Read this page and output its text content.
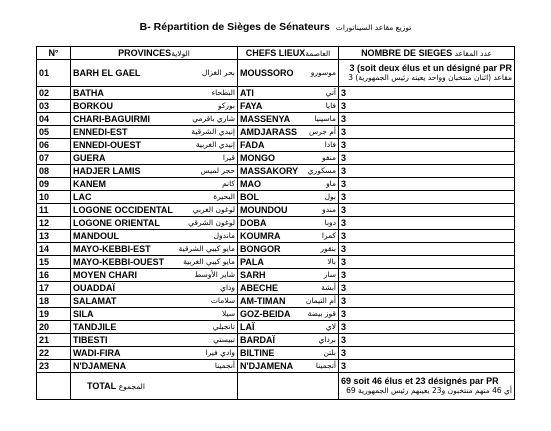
B- Répartition de Sièges de Sénateurs توزيع مقاعد السيناتورات
N°	PROVINCESالولاية	CHEFS LIEUXالعاصمة	NOMBRE DE SIEGES عدد المقاعد
01	BARH EL GAEL بحر الغزال	MOUSSORO موسورو	3 (soit deux élus et un désigné par PR
3 مقاعد (اثنان منتخبان وواحد يعينه رئيس الجمهورية)

02	BATHA البطحاء	ATI آتي	3
03	BORKOU بوركو	FAYA فايا	3
04	CHARI-BAGUIRMI شاري باقرمي	MASSENYA ماسينيا	3
05	ENNEDI-EST إنيدي الشرقية	AMDJARASS أم جرس	3
06	ENNEDI-OUEST إنيدي الغربية	FADA فادا	3
07	GUERA قيرا	MONGO منقو	3
08	HADJER LAMIS حجر لميس	MASSAKORY مسكوري	3
09	KANEM كانم	MAO ماو	3
10	LAC البحيرة	BOL بول	3
11	LOGONE OCCIDENTAL لوغون الغربي	MOUNDOU مندو	3
12	LOGONE ORIENTAL لوغون الشرقي	DOBA دوبا	3
13	MANDOUL ماندول	KOUMRA كمرا	3
14	MAYO-KEBBI-EST مايو كيبي الشرقية	BONGOR بنقور	3
15	MAYO-KEBBI-OUEST مايو كيبي الغربية	PALA بالا	3
16	MOYEN CHARI شاير الأوسط	SARH سار	3
17	OUADDAÏ وداي	ABECHE أبشة	3
18	SALAMAT سلامات	AM-TIMAN أم التيمان	3
19	SILA سيلا	GOZ-BEIDA قوز بيضة	3
20	TANDJILE تانجيلي	LAÏ لاي	3
21	TIBESTI تبيستي	BARDAÏ برداي	3
22	WADI-FIRA وادي فيرا	BILTINE بلتن	3
23	N'DJAMENA أنجمينا	N'DJAMENA أنجمينا	3
	TOTAL المجموع		69 soit 46 élus et 23 désignés par PR
69 أي 46 منهم منتخبون و23 يعينهم رئيس الجمهورية
